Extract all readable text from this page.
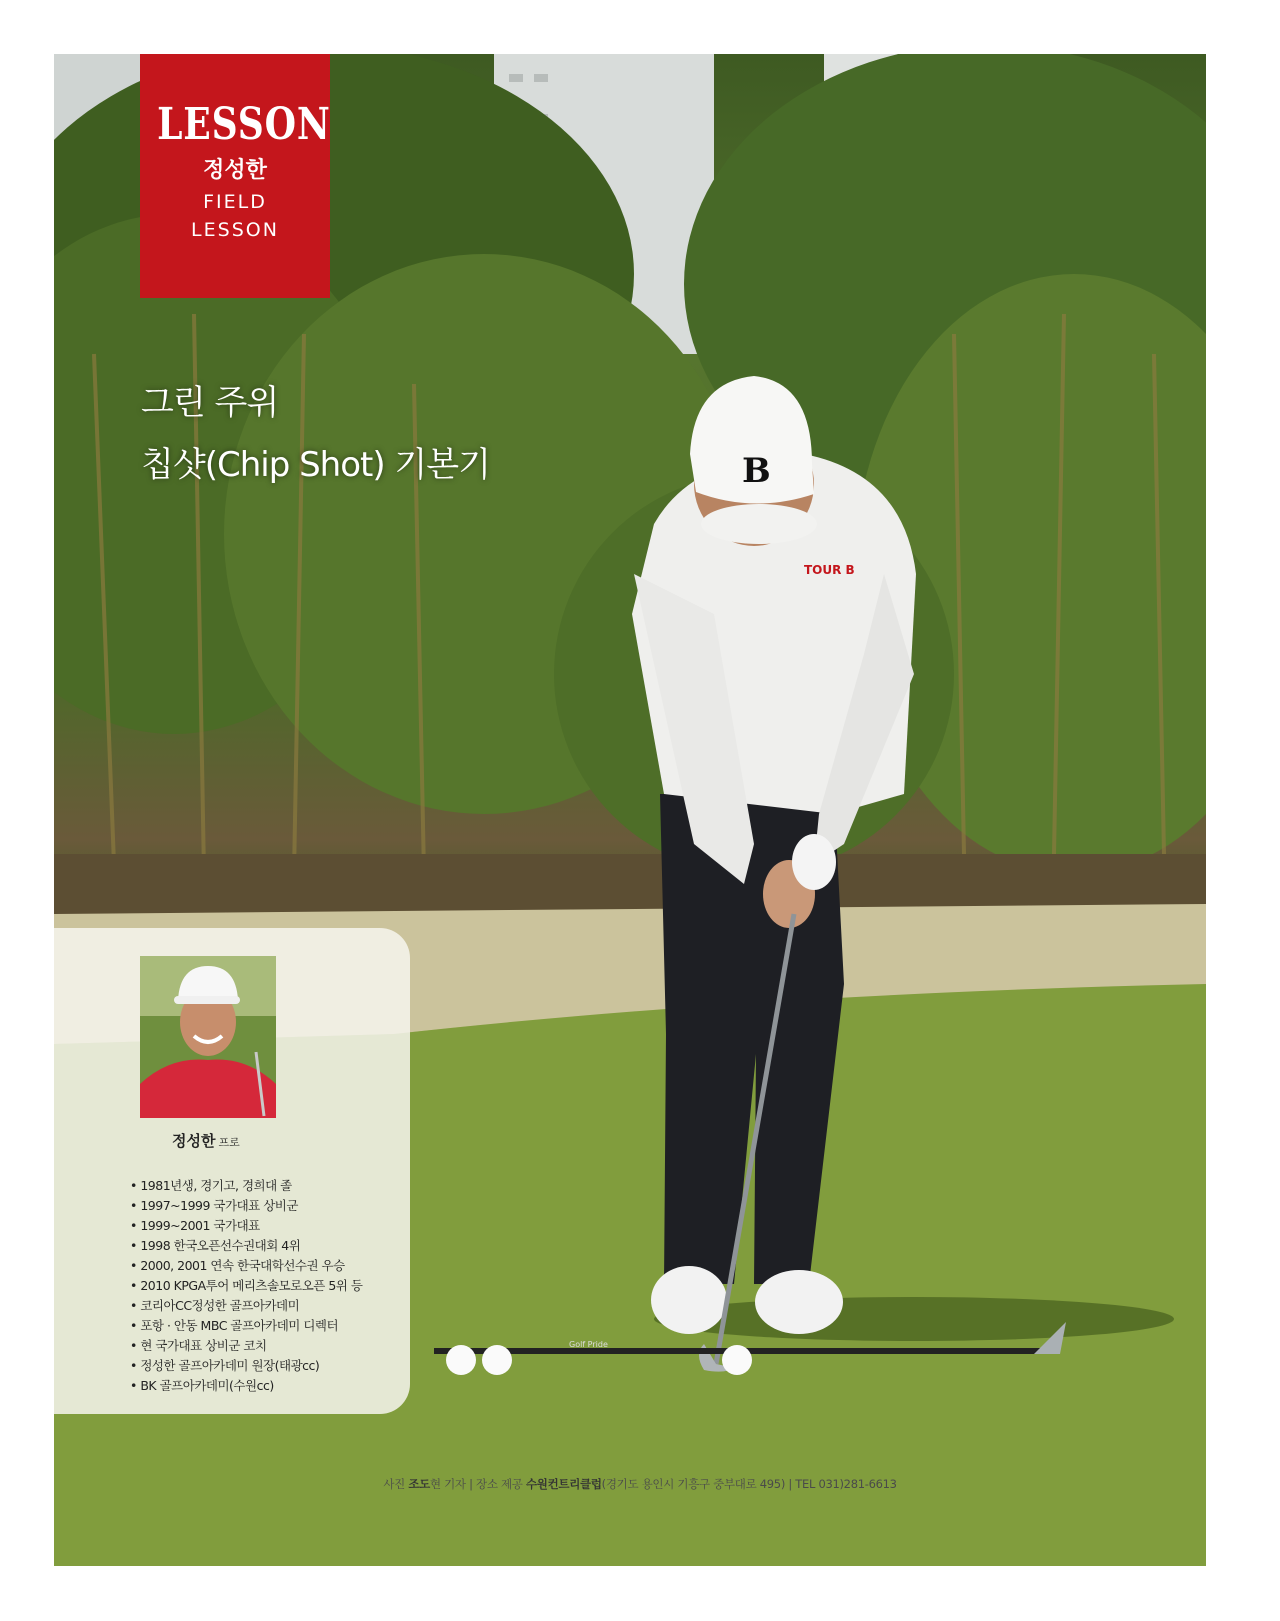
B
TOUR B
Golf Pride
LESSON
정성한
FIELD
LESSON
그린 주위
칩샷(Chip Shot) 기본기
정성한 프로
• 1981년생, 경기고, 경희대 졸
• 1997~1999 국가대표 상비군
• 1999~2001 국가대표
• 1998 한국오픈선수권대회 4위
• 2000, 2001 연속 한국대학선수권 우승
• 2010 KPGA투어 메리츠솔모로오픈 5위 등
• 코리아CC정성한 골프아카데미
• 포항 · 안동 MBC 골프아카데미 디렉터
• 현 국가대표 상비군 코치
• 정성한 골프아카데미 원장(태광cc)
• BK 골프아카데미(수원cc)
사진 조도현 기자 | 장소 제공 수원컨트리클럽(경기도 용인시 기흥구 중부대로 495) | TEL 031)281-6613
